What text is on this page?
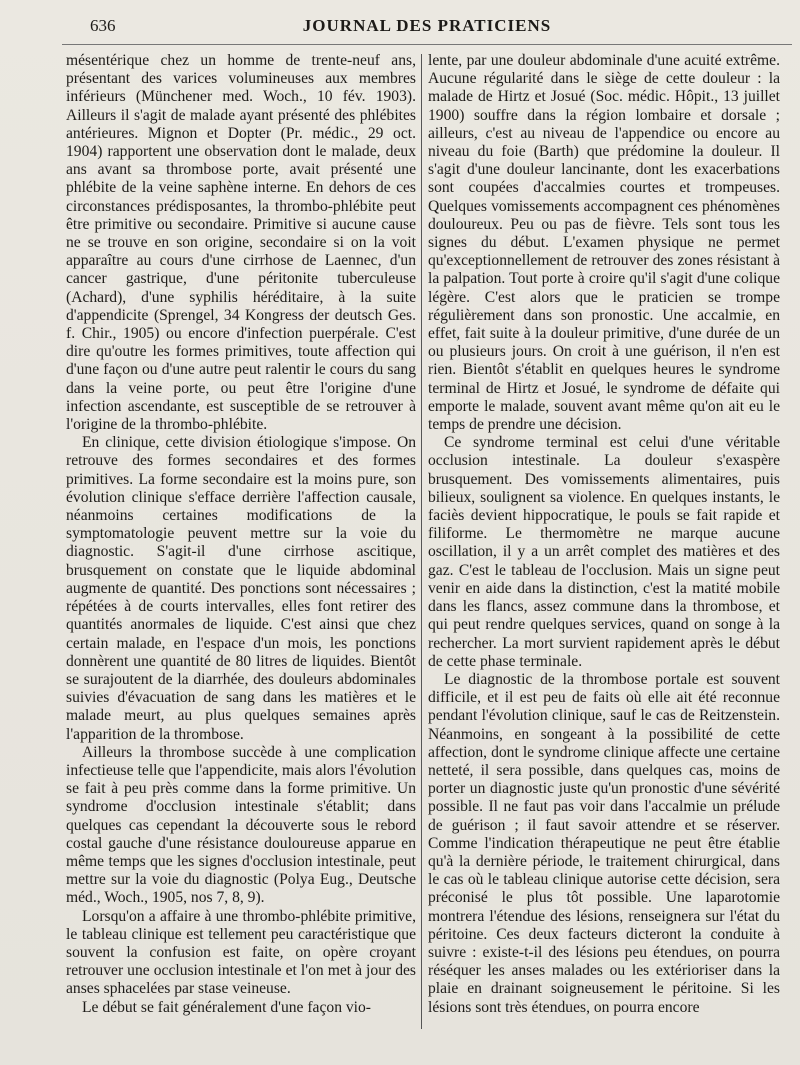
636	JOURNAL DES PRATICIENS

mésentérique chez un homme de trente-neuf ans, présentant des varices volumineuses aux membres inférieurs (Münchener med. Woch., 10 fév. 1903). Ailleurs il s'agit de malade ayant présenté des phlébites antérieures. Mignon et Dopter (Pr. médic., 29 oct. 1904) rapportent une observation dont le malade, deux ans avant sa thrombose porte, avait présenté une phlébite de la veine saphène interne. En dehors de ces circonstances prédisposantes, la thrombo-phlébite peut être primitive ou secondaire. Primitive si aucune cause ne se trouve en son origine, secondaire si on la voit apparaître au cours d'une cirrhose de Laennec, d'un cancer gastrique, d'une péritonite tuberculeuse (Achard), d'une syphilis héréditaire, à la suite d'appendicite (Sprengel, 34 Kongress der deutsch Ges. f. Chir., 1905) ou encore d'infection puerpérale. C'est dire qu'outre les formes primitives, toute affection qui d'une façon ou d'une autre peut ralentir le cours du sang dans la veine porte, ou peut être l'origine d'une infection ascendante, est susceptible de se retrouver à l'origine de la thrombo-phlébite.

En clinique, cette division étiologique s'impose. On retrouve des formes secondaires et des formes primitives. La forme secondaire est la moins pure, son évolution clinique s'efface derrière l'affection causale, néanmoins certaines modifications de la symptomatologie peuvent mettre sur la voie du diagnostic. S'agit-il d'une cirrhose ascitique, brusquement on constate que le liquide abdominal augmente de quantité. Des ponctions sont nécessaires ; répétées à de courts intervalles, elles font retirer des quantités anormales de liquide. C'est ainsi que chez certain malade, en l'espace d'un mois, les ponctions donnèrent une quantité de 80 litres de liquides. Bientôt se surajoutent de la diarrhée, des douleurs abdominales suivies d'évacuation de sang dans les matières et le malade meurt, au plus quelques semaines après l'apparition de la thrombose.

Ailleurs la thrombose succède à une complication infectieuse telle que l'appendicite, mais alors l'évolution se fait à peu près comme dans la forme primitive. Un syndrome d'occlusion intestinale s'établit; dans quelques cas cependant la découverte sous le rebord costal gauche d'une résistance douloureuse apparue en même temps que les signes d'occlusion intestinale, peut mettre sur la voie du diagnostic (Polya Eug., Deutsche méd., Woch., 1905, nos 7, 8, 9).

Lorsqu'on a affaire à une thrombo-phlébite primitive, le tableau clinique est tellement peu caractéristique que souvent la confusion est faite, on opère croyant retrouver une occlusion intestinale et l'on met à jour des anses sphacelées par stase veineuse.

Le début se fait généralement d'une façon vio-

lente, par une douleur abdominale d'une acuité extrême. Aucune régularité dans le siège de cette douleur : la malade de Hirtz et Josué (Soc. médic. Hôpit., 13 juillet 1900) souffre dans la région lombaire et dorsale ; ailleurs, c'est au niveau de l'appendice ou encore au niveau du foie (Barth) que prédomine la douleur. Il s'agit d'une douleur lancinante, dont les exacerbations sont coupées d'accalmies courtes et trompeuses. Quelques vomissements accompagnent ces phénomènes douloureux. Peu ou pas de fièvre. Tels sont tous les signes du début. L'examen physique ne permet qu'exceptionnellement de retrouver des zones résistant à la palpation. Tout porte à croire qu'il s'agit d'une colique légère. C'est alors que le praticien se trompe régulièrement dans son pronostic. Une accalmie, en effet, fait suite à la douleur primitive, d'une durée de un ou plusieurs jours. On croit à une guérison, il n'en est rien. Bientôt s'établit en quelques heures le syndrome terminal de Hirtz et Josué, le syndrome de défaite qui emporte le malade, souvent avant même qu'on ait eu le temps de prendre une décision.

Ce syndrome terminal est celui d'une véritable occlusion intestinale. La douleur s'exaspère brusquement. Des vomissements alimentaires, puis bilieux, soulignent sa violence. En quelques instants, le faciès devient hippocratique, le pouls se fait rapide et filiforme. Le thermomètre ne marque aucune oscillation, il y a un arrêt complet des matières et des gaz. C'est le tableau de l'occlusion. Mais un signe peut venir en aide dans la distinction, c'est la matité mobile dans les flancs, assez commune dans la thrombose, et qui peut rendre quelques services, quand on songe à la rechercher. La mort survient rapidement après le début de cette phase terminale.

Le diagnostic de la thrombose portale est souvent difficile, et il est peu de faits où elle ait été reconnue pendant l'évolution clinique, sauf le cas de Reitzenstein. Néanmoins, en songeant à la possibilité de cette affection, dont le syndrome clinique affecte une certaine netteté, il sera possible, dans quelques cas, moins de porter un diagnostic juste qu'un pronostic d'une sévérité possible. Il ne faut pas voir dans l'accalmie un prélude de guérison ; il faut savoir attendre et se réserver. Comme l'indication thérapeutique ne peut être établie qu'à la dernière période, le traitement chirurgical, dans le cas où le tableau clinique autorise cette décision, sera préconisé le plus tôt possible. Une laparotomie montrera l'étendue des lésions, renseignera sur l'état du péritoine. Ces deux facteurs dicteront la conduite à suivre : existe-t-il des lésions peu étendues, on pourra réséquer les anses malades ou les extérioriser dans la plaie en drainant soigneusement le péritoine. Si les lésions sont très étendues, on pourra encore
